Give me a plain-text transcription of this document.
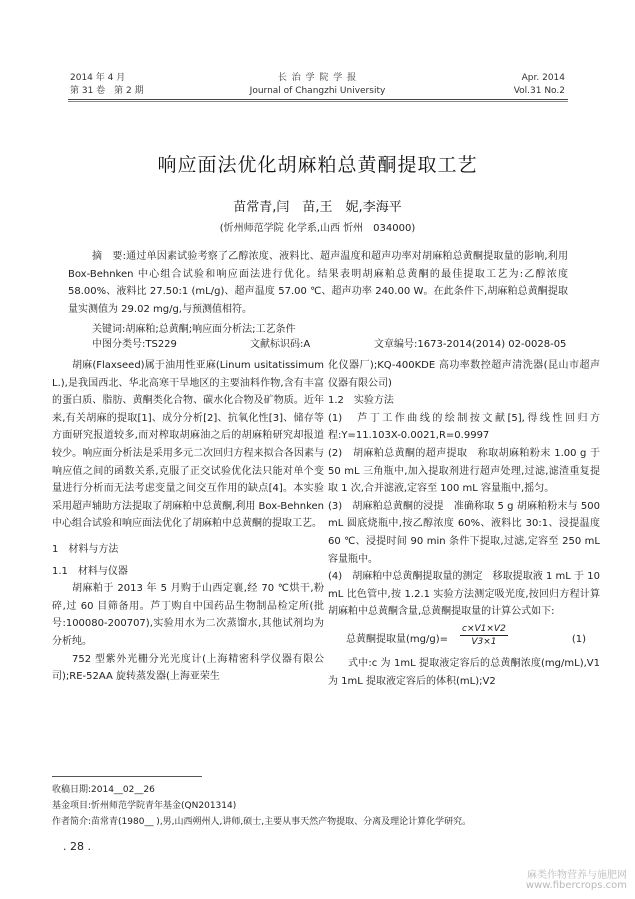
2014 年 4 月
第 31 卷　第 2 期
长 治 学 院 学 报
Journal of Changzhi University
Apr. 2014
Vol.31 No.2
响应面法优化胡麻粕总黄酮提取工艺
苗常青,闫　苗,王　妮,李海平
(忻州师范学院 化学系,山西 忻州　034000)
摘　要:通过单因素试验考察了乙醇浓度、液料比、超声温度和超声功率对胡麻粕总黄酮提取量的影响,利用 Box-Behnken 中心组合试验和响应面法进行优化。结果表明胡麻粕总黄酮的最佳提取工艺为:乙醇浓度 58.00%、液料比 27.50:1 (mL/g)、超声温度 57.00 ℃、超声功率 240.00 W。在此条件下,胡麻粕总黄酮提取量实测值为 29.02 mg/g,与预测值相符。
关键词:胡麻粕;总黄酮;响应面分析法;工艺条件
中图分类号:TS229	文献标识码:A	文章编号:1673-2014(2014) 02-0028-05

胡麻(Flaxseed)属于油用性亚麻(Linum usitatissimum L.),是我国西北、华北高寒干旱地区的主要油料作物,含有丰富的蛋白质、脂肪、黄酮类化合物、碳水化合物及矿物质。近年来,有关胡麻的提取[1]、成分分析[2]、抗氧化性[3]、储存等方面研究报道较多,而对榨取胡麻油之后的胡麻粕研究却报道较少。响应面分析法是采用多元二次回归方程来拟合各因素与响应值之间的函数关系,克服了正交试验优化法只能对单个变量进行分析而无法考虑变量之间交互作用的缺点[4]。本实验采用超声辅助方法提取了胡麻粕中总黄酮,利用 Box-Behnken 中心组合试验和响应面法优化了胡麻粕中总黄酮的提取工艺。

1　材料与方法

1.1　材料与仪器

胡麻粕于 2013 年 5 月购于山西定襄,经 70 ℃烘干,粉碎,过 60 目筛备用。芦丁购自中国药品生物制品检定所(批号:100080-200707),实验用水为二次蒸馏水,其他试剂均为分析纯。

752 型紫外光栅分光光度计(上海精密科学仪器有限公司);RE-52AA 旋转蒸发器(上海亚荣生

化仪器厂);KQ-400KDE 高功率数控超声清洗器(昆山市超声仪器有限公司)

1.2　实验方法

(1)　芦丁工作曲线的绘制按文献[5],得线性回归方程:Y=11.103X-0.0021,R=0.9997

(2)　胡麻粕总黄酮的超声提取　称取胡麻粕粉末 1.00 g 于 50 mL 三角瓶中,加入提取剂进行超声处理,过滤,滤渣重复提取 1 次,合并滤液,定容至 100 mL 容量瓶中,摇匀。

(3)　胡麻粕总黄酮的浸提　准确称取 5 g 胡麻粕粉末与 500 mL 圆底烧瓶中,按乙醇浓度 60%、液料比 30:1、浸提温度 60 ℃、浸提时间 90 min 条件下提取,过滤,定容至 250 mL 容量瓶中。

(4)　胡麻粕中总黄酮提取量的测定　移取提取液 1 mL 于 10 mL 比色管中,按 1.2.1 实验方法测定吸光度,按回归方程计算胡麻粕中总黄酮含量,总黄酮提取量的计算公式如下:

总黄酮提取量$(mg/g)= \frac{c\times V1\times V2}{V3\times 1}$	(1)

式中:c 为 1mL 提取液定容后的总黄酮浓度(mg/mL),V1 为 1mL 提取液定容后的体积(mL);V2

收稿日期:2014__02__26
基金项目:忻州师范学院青年基金(QN201314)
作者简介:苗常青(1980__ ),男,山西朔州人,讲师,硕士,主要从事天然产物提取、分离及理论计算化学研究。
. 28 .
麻类作物营养与施肥网
www.fibercrops.com
